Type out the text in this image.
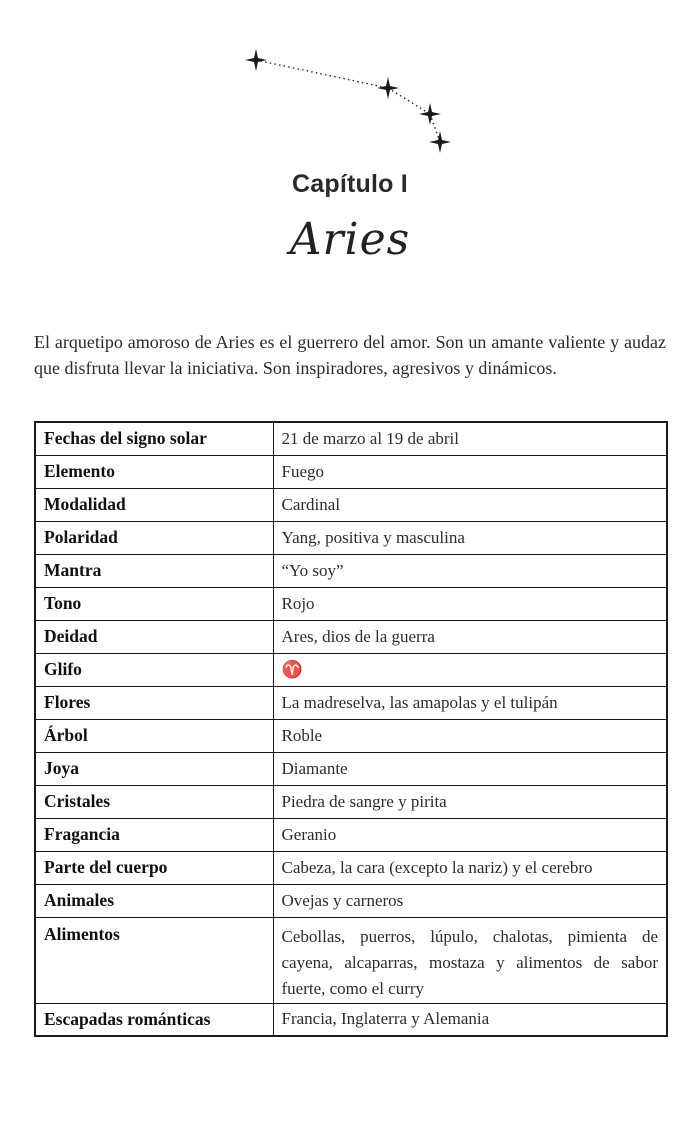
Capítulo I
Aries

El arquetipo amoroso de Aries es el guerrero del amor. Son un amante valiente y audaz que disfruta llevar la iniciativa. Son inspiradores, agresivos y dinámicos.

Fechas del signo solar	21 de marzo al 19 de abril
Elemento	Fuego
Modalidad	Cardinal
Polaridad	Yang, positiva y masculina
Mantra	“Yo soy”
Tono	Rojo
Deidad	Ares, dios de la guerra
Glifo	♈
Flores	La madreselva, las amapolas y el tulipán
Árbol	Roble
Joya	Diamante
Cristales	Piedra de sangre y pirita
Fragancia	Geranio
Parte del cuerpo	Cabeza, la cara (excepto la nariz) y el cerebro
Animales	Ovejas y carneros
Alimentos	Cebollas, puerros, lúpulo, chalotas, pimienta de cayena, alcaparras, mostaza y alimentos de sabor fuerte, como el curry
Escapadas románticas	Francia, Inglaterra y Alemania
